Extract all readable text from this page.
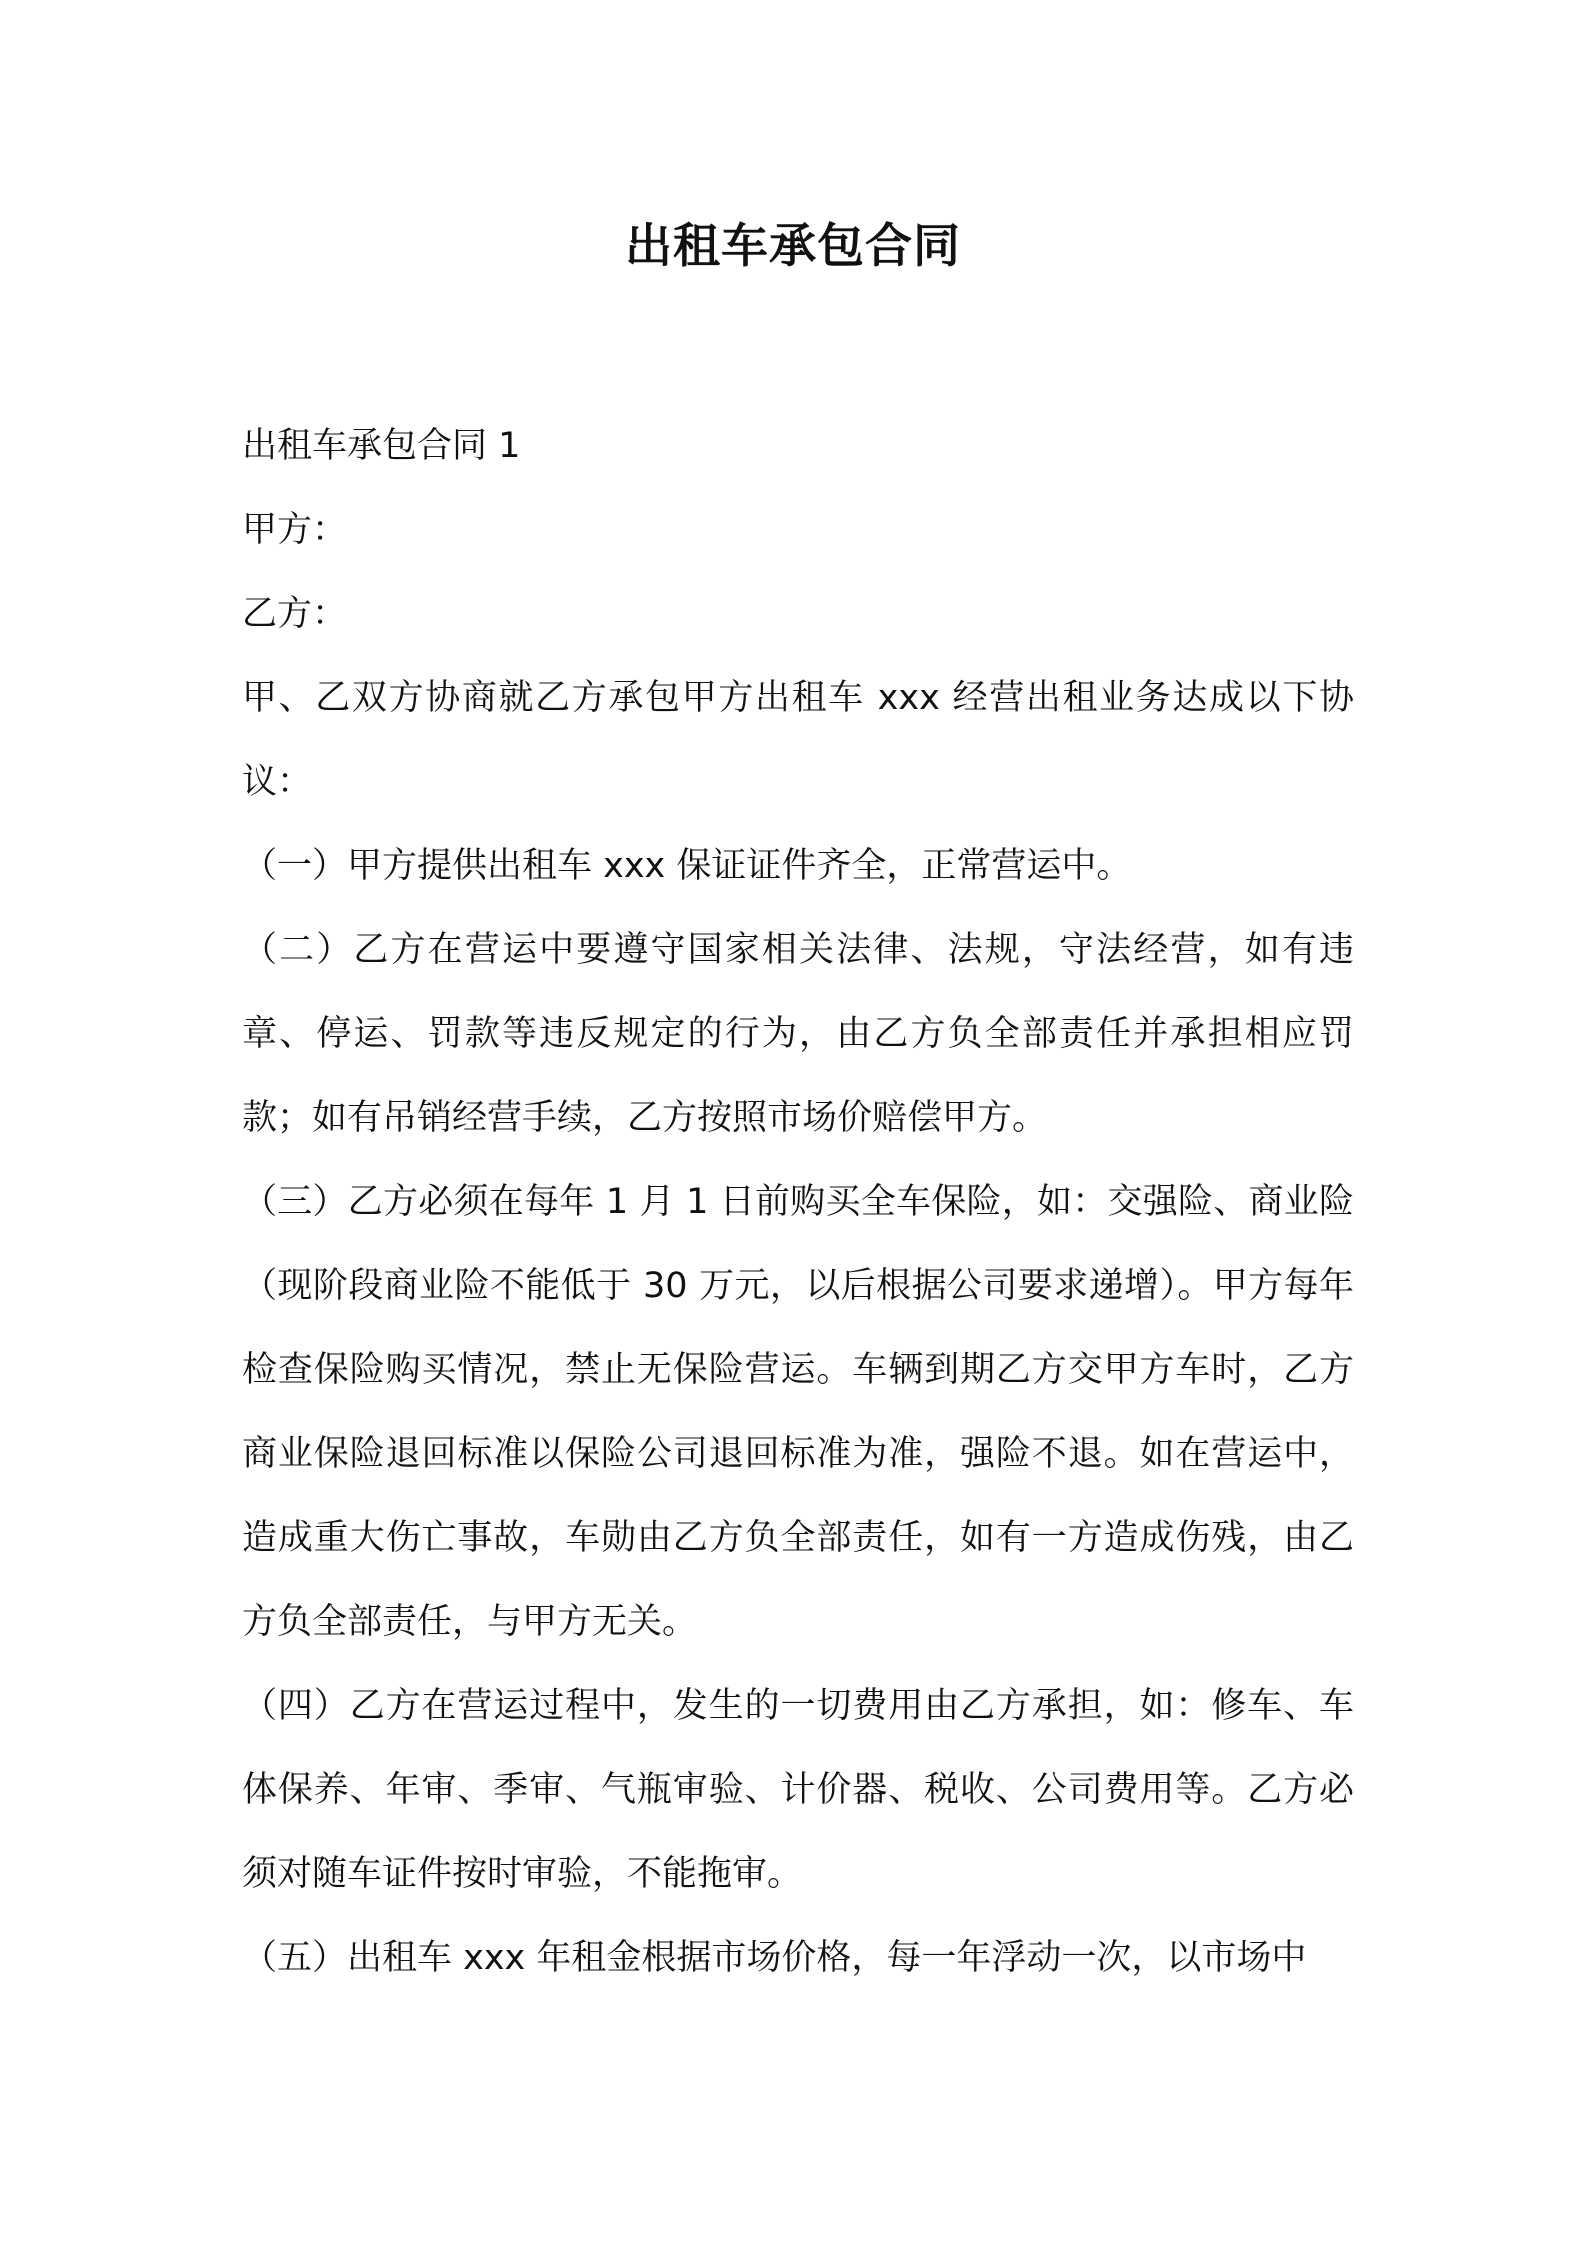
出租车承包合同

出租车承包合同 1

甲方：

乙方：

甲、乙双方协商就乙方承包甲方出租车 xxx 经营出租业务达成以下协议：

（一）甲方提供出租车 xxx 保证证件齐全，正常营运中。

（二）乙方在营运中要遵守国家相关法律、法规，守法经营，如有违章、停运、罚款等违反规定的行为，由乙方负全部责任并承担相应罚款；如有吊销经营手续，乙方按照市场价赔偿甲方。

（三）乙方必须在每年 1 月 1 日前购买全车保险，如：交强险、商业险（现阶段商业险不能低于 30 万元，以后根据公司要求递增）。甲方每年检查保险购买情况，禁止无保险营运。车辆到期乙方交甲方车时，乙方商业保险退回标准以保险公司退回标准为准，强险不退。如在营运中，造成重大伤亡事故，车勋由乙方负全部责任，如有一方造成伤残，由乙方负全部责任，与甲方无关。

（四）乙方在营运过程中，发生的一切费用由乙方承担，如：修车、车体保养、年审、季审、气瓶审验、计价器、税收、公司费用等。乙方必须对随车证件按时审验，不能拖审。

（五）出租车 xxx 年租金根据市场价格，每一年浮动一次，以市场中
